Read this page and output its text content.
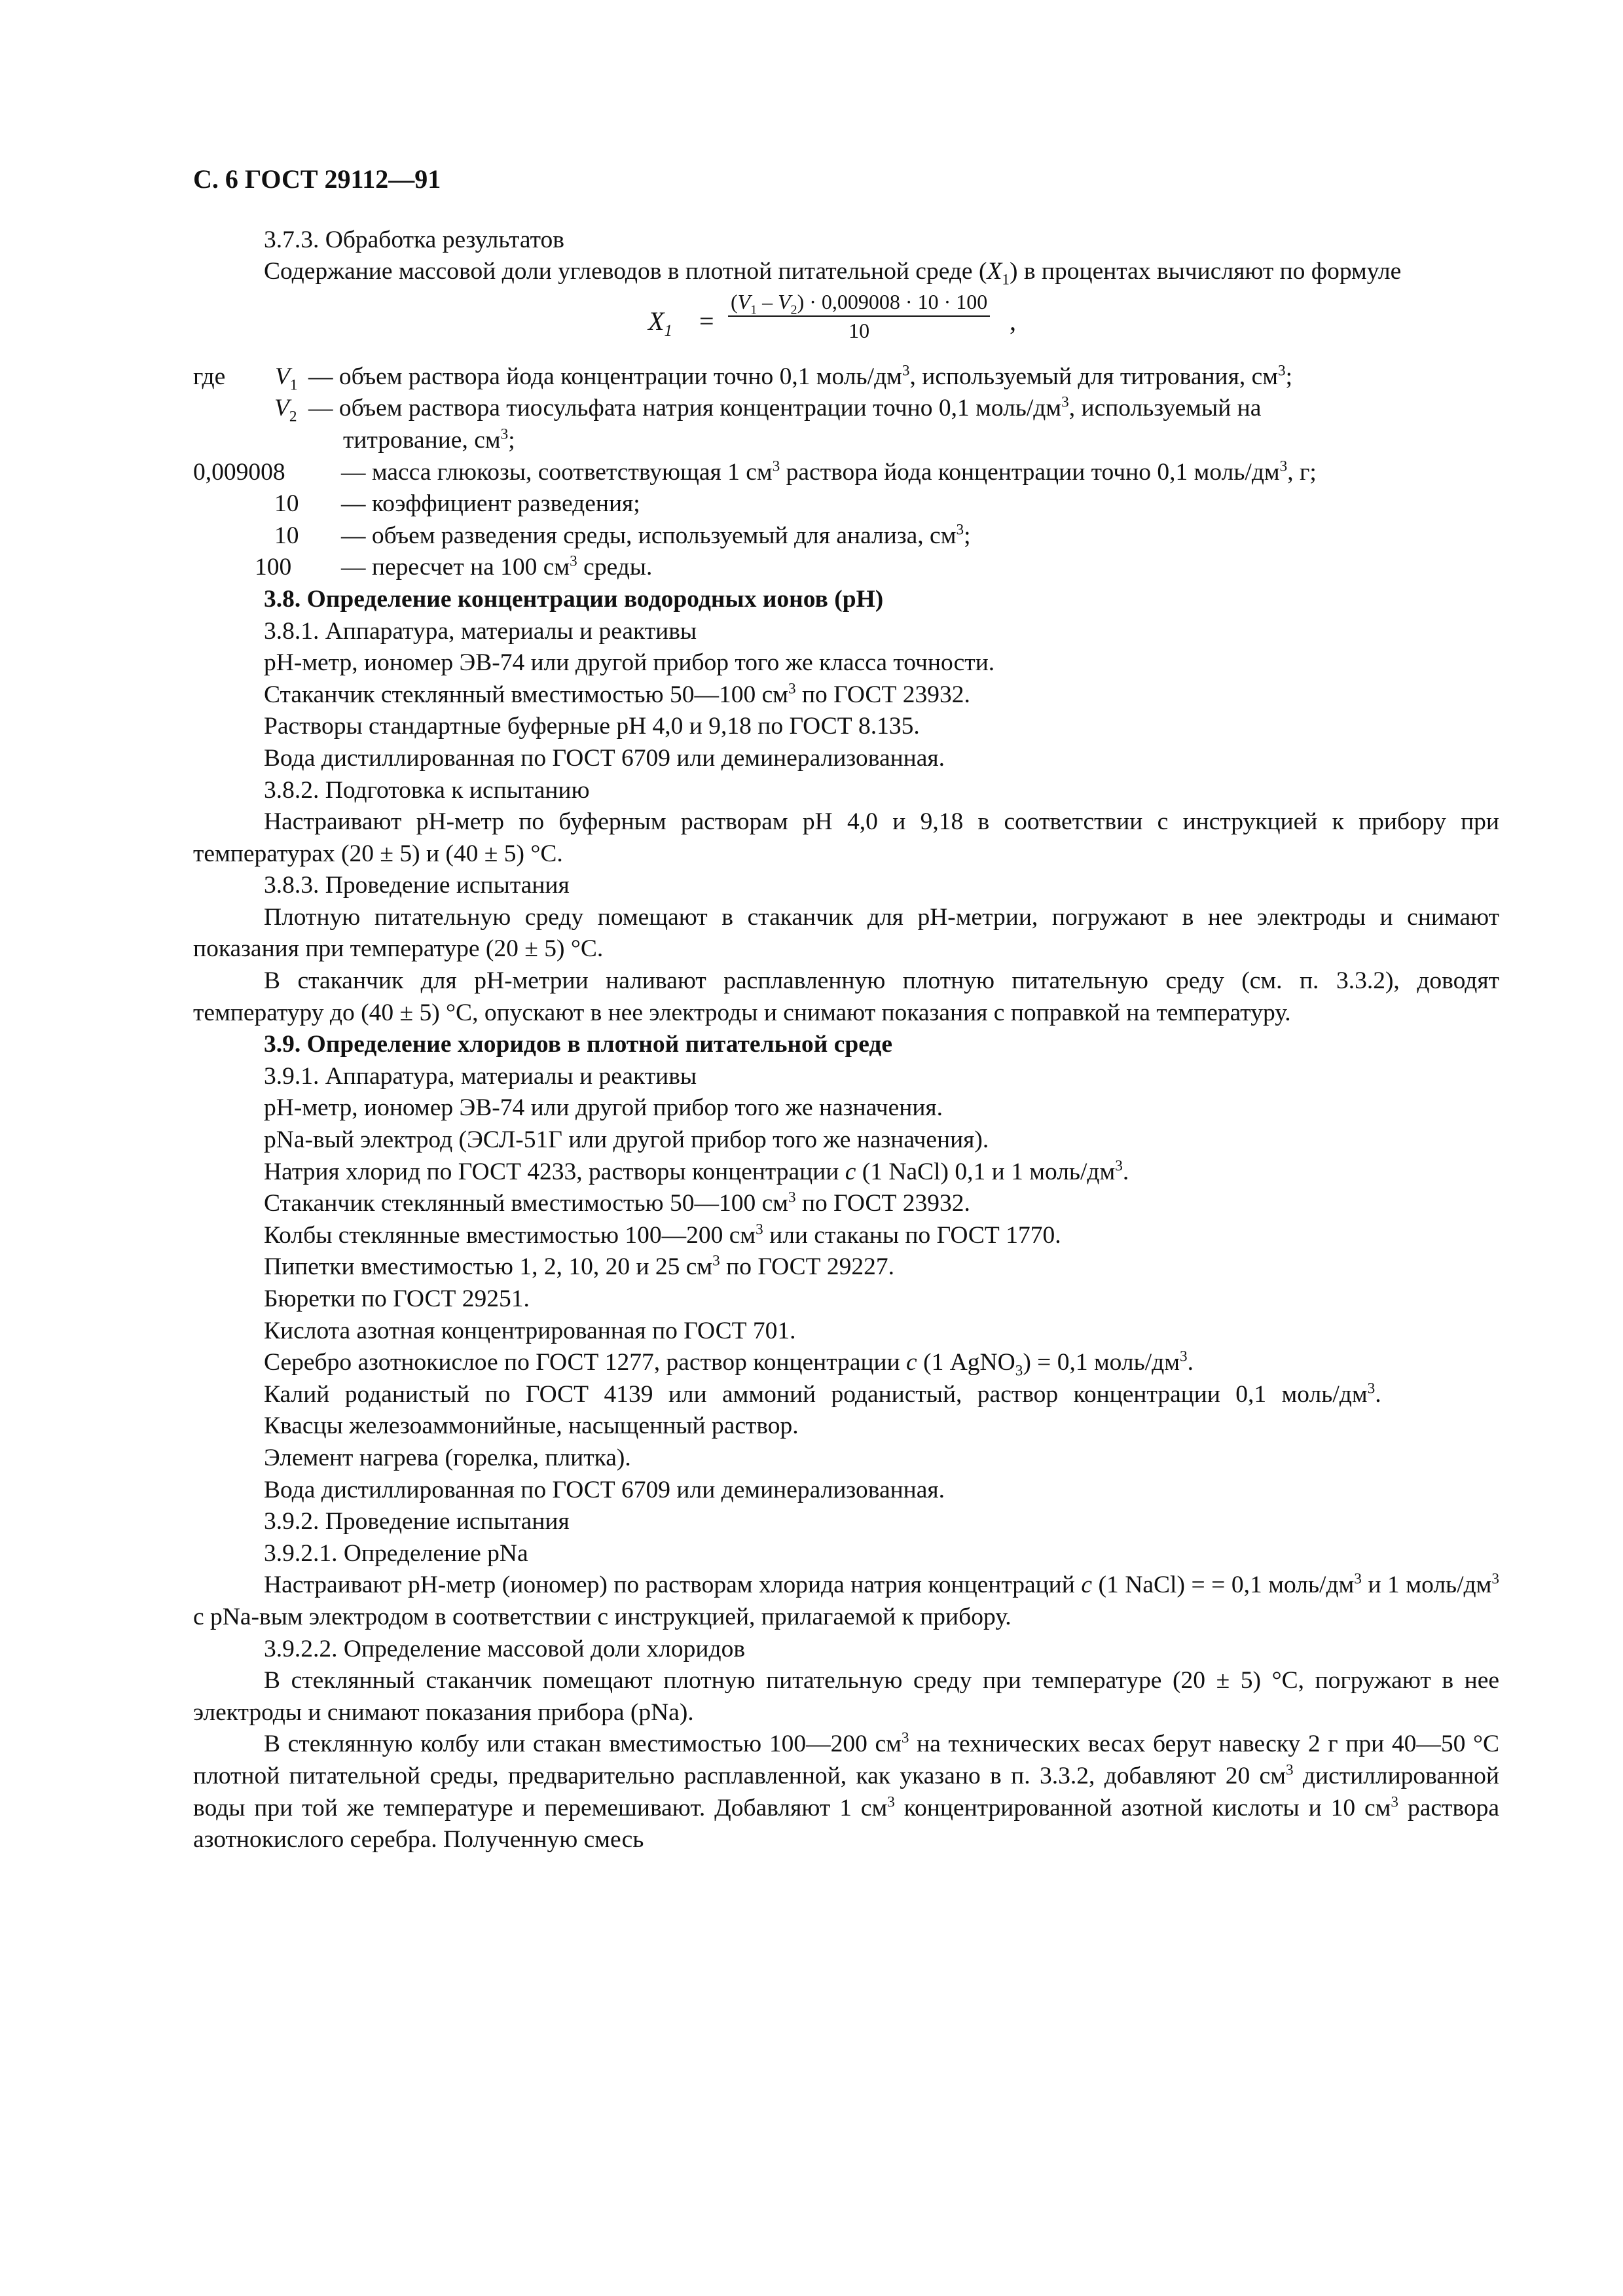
С. 6 ГОСТ 29112—91

3.7.3. Обработка результатов

Содержание массовой доли углеводов в плотной питательной среде $(X_1)$ в процентах вычисляют по формуле

$X_1 = \frac{(V_1 - V_2) \cdot 0,009008 \cdot 10 \cdot 100}{10}$ ,
где $V_1$ — объем раствора йода концентрации точно 0,1 моль/$дм^3$, используемый для титрования, $см^3$;
$V_2$ — объем раствора тиосульфата натрия концентрации точно 0,1 моль/$дм^3$, используемый на
титрование, $см^3$;
0,009008	— масса глюкозы, соответствующая 1 $см^3$ раствора йода концентрации точно 0,1 моль/$дм^3$, г;
10	— коэффициент разведения;
10	— объем разведения среды, используемый для анализа, $см^3$;
100	— пересчет на 100 $см^3$ среды.

3.8. Определение концентрации водородных ионов (рН)

3.8.1. Аппаратура, материалы и реактивы

рН-метр, иономер ЭВ-74 или другой прибор того же класса точности.

Стаканчик стеклянный вместимостью 50—100 $см^3$ по ГОСТ 23932.

Растворы стандартные буферные рН 4,0 и 9,18 по ГОСТ 8.135.

Вода дистиллированная по ГОСТ 6709 или деминерализованная.

3.8.2. Подготовка к испытанию

Настраивают рН-метр по буферным растворам рН 4,0 и 9,18 в соответствии с инструкцией к прибору при температурах (20 ± 5) и (40 ± 5) °С.

3.8.3. Проведение испытания

Плотную питательную среду помещают в стаканчик для рН-метрии, погружают в нее электроды и снимают показания при температуре (20 ± 5) °С.

В стаканчик для рН-метрии наливают расплавленную плотную питательную среду (см. п. 3.3.2), доводят температуру до (40 ± 5) °С, опускают в нее электроды и снимают показания с поправкой на температуру.

3.9. Определение хлоридов в плотной питательной среде

3.9.1. Аппаратура, материалы и реактивы

рН-метр, иономер ЭВ-74 или другой прибор того же назначения.

pNa-вый электрод (ЭСЛ-51Г или другой прибор того же назначения).

Натрия хлорид по ГОСТ 4233, растворы концентрации с (1 NaCl) 0,1 и 1 моль/$дм^3$.

Стаканчик стеклянный вместимостью 50—100 $см^3$ по ГОСТ 23932.

Колбы стеклянные вместимостью 100—200 $см^3$ или стаканы по ГОСТ 1770.

Пипетки вместимостью 1, 2, 10, 20 и 25 $см^3$ по ГОСТ 29227.

Бюретки по ГОСТ 29251.

Кислота азотная концентрированная по ГОСТ 701.

Серебро азотнокислое по ГОСТ 1277, раствор концентрации с (1 AgNO$_3$) = 0,1 моль/$дм^3$.

Калий роданистый по ГОСТ 4139 или аммоний роданистый, раствор концентрации 0,1 моль/$дм^3$.

Квасцы железоаммонийные, насыщенный раствор.

Элемент нагрева (горелка, плитка).

Вода дистиллированная по ГОСТ 6709 или деминерализованная.

3.9.2. Проведение испытания

3.9.2.1. Определение pNa

Настраивают рН-метр (иономер) по растворам хлорида натрия концентраций с (1 NaCl) = = 0,1 моль/$дм^3$ и 1 моль/$дм^3$ с pNa-вым электродом в соответствии с инструкцией, прилагаемой к прибору.

3.9.2.2. Определение массовой доли хлоридов

В стеклянный стаканчик помещают плотную питательную среду при температуре (20 ± 5) °С, погружают в нее электроды и снимают показания прибора (pNa).

В стеклянную колбу или стакан вместимостью 100—200 $см^3$ на технических весах берут навеску 2 г при 40—50 °С плотной питательной среды, предварительно расплавленной, как указано в п. 3.3.2, добавляют 20 $см^3$ дистиллированной воды при той же температуре и перемешивают. Добавляют 1 $см^3$ концентрированной азотной кислоты и 10 $см^3$ раствора азотнокислого серебра. Полученную смесь
